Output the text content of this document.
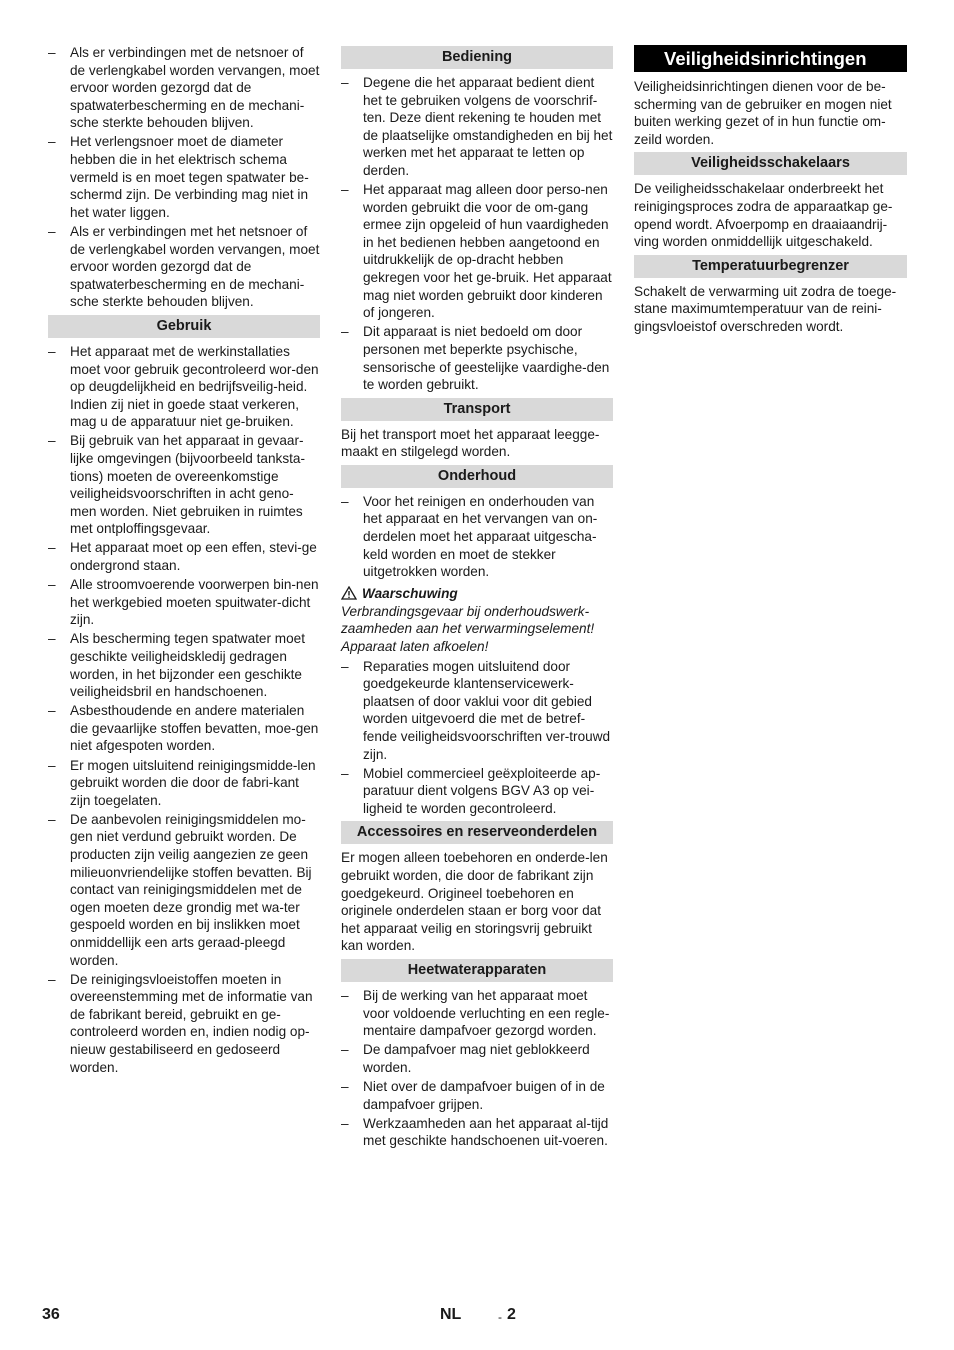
– Als er verbindingen met de netsnoer of de verlengkabel worden vervangen, moet ervoor worden gezorgd dat de spatwaterbescherming en de mechani-sche sterkte behouden blijven.
– Het verlengsnoer moet de diameter hebben die in het elektrisch schema vermeld is en moet tegen spatwater be-schermd zijn. De verbinding mag niet in het water liggen.
– Als er verbindingen met het netsnoer of de verlengkabel worden vervangen, moet ervoor worden gezorgd dat de spatwaterbescherming en de mechani-sche sterkte behouden blijven.
Gebruik
– Het apparaat met de werkinstallaties moet voor gebruik gecontroleerd wor-den op deugdelijkheid en bedrijfsveilig-heid. Indien zij niet in goede staat verkeren, mag u de apparatuur niet ge-bruiken.
– Bij gebruik van het apparaat in gevaar-lijke omgevingen (bijvoorbeeld tanksta-tions) moeten de overeenkomstige veiligheidsvoorschriften in acht geno-men worden. Niet gebruiken in ruimtes met ontploffingsgevaar.
– Het apparaat moet op een effen, stevi-ge ondergrond staan.
– Alle stroomvoerende voorwerpen bin-nen het werkgebied moeten spuitwater-dicht zijn.
– Als bescherming tegen spatwater moet geschikte veiligheidskledij gedragen worden, in het bijzonder een geschikte veiligheidsbril en handschoenen.
– Asbesthoudende en andere materialen die gevaarlijke stoffen bevatten, moe-gen niet afgespoten worden.
– Er mogen uitsluitend reinigingsmidde-len gebruikt worden die door de fabri-kant zijn toegelaten.
– De aanbevolen reinigingsmiddelen mo-gen niet verdund gebruikt worden. De producten zijn veilig aangezien ze geen milieuonvriendelijke stoffen bevatten. Bij contact van reinigingsmiddelen met de ogen moeten deze grondig met wa-ter gespoeld worden en bij inslikken moet onmiddellijk een arts geraad-pleegd worden.
– De reinigingsvloeistoffen moeten in overeenstemming met de informatie van de fabrikant bereid, gebruikt en ge-controleerd worden en, indien nodig op-nieuw gestabiliseerd en gedoseerd worden.
Bediening
– Degene die het apparaat bedient dient het te gebruiken volgens de voorschrif-ten. Deze dient rekening te houden met de plaatselijke omstandigheden en bij het werken met het apparaat te letten op derden.
– Het apparaat mag alleen door perso-nen worden gebruikt die voor de om-gang ermee zijn opgeleid of hun vaardigheden in het bedienen hebben aangetoond en uitdrukkelijk de op-dracht hebben gekregen voor het ge-bruik. Het apparaat mag niet worden gebruikt door kinderen of jongeren.
– Dit apparaat is niet bedoeld om door personen met beperkte psychische, sensorische of geestelijke vaardighe-den te worden gebruikt.
Transport

Bij het transport moet het apparaat leegge-maakt en stilgelegd worden.

Onderhoud
– Voor het reinigen en onderhouden van het apparaat en het vervangen van on-derdelen moet het apparaat uitgescha-keld worden en moet de stekker uitgetrokken worden.
Waarschuwing

Verbrandingsgevaar bij onderhoudswerk-zaamheden aan het verwarmingselement! Apparaat laten afkoelen!

– Reparaties mogen uitsluitend door goedgekeurde klantenservicewerk-plaatsen of door vaklui voor dit gebied worden uitgevoerd die met de betref-fende veiligheidsvoorschriften ver-trouwd zijn.
– Mobiel commercieel geëxploiteerde ap-paratuur dient volgens BGV A3 op vei-ligheid te worden gecontroleerd.
Accessoires en reserveonderdelen

Er mogen alleen toebehoren en onderde-len gebruikt worden, die door de fabrikant zijn goedgekeurd. Origineel toebehoren en originele onderdelen staan er borg voor dat het apparaat veilig en storingsvrij gebruikt kan worden.

Heetwaterapparaten
– Bij de werking van het apparaat moet voor voldoende verluchting en een regle-mentaire dampafvoer gezorgd worden.
– De dampafvoer mag niet geblokkeerd worden.
– Niet over de dampafvoer buigen of in de dampafvoer grijpen.
– Werkzaamheden aan het apparaat al-tijd met geschikte handschoenen uit-voeren.
Veiligheidsinrichtingen

Veiligheidsinrichtingen dienen voor de be-scherming van de gebruiker en mogen niet buiten werking gezet of in hun functie om-zeild worden.

Veiligheidsschakelaars

De veiligheidsschakelaar onderbreekt het reinigingsproces zodra de apparaatkap ge-opend wordt. Afvoerpomp en draaiaandrij-ving worden onmiddellijk uitgeschakeld.

Temperatuurbegrenzer

Schakelt de verwarming uit zodra de toege-stane maximumtemperatuur van de reini-gingsvloeistof overschreden wordt.

36	NL	- 2
